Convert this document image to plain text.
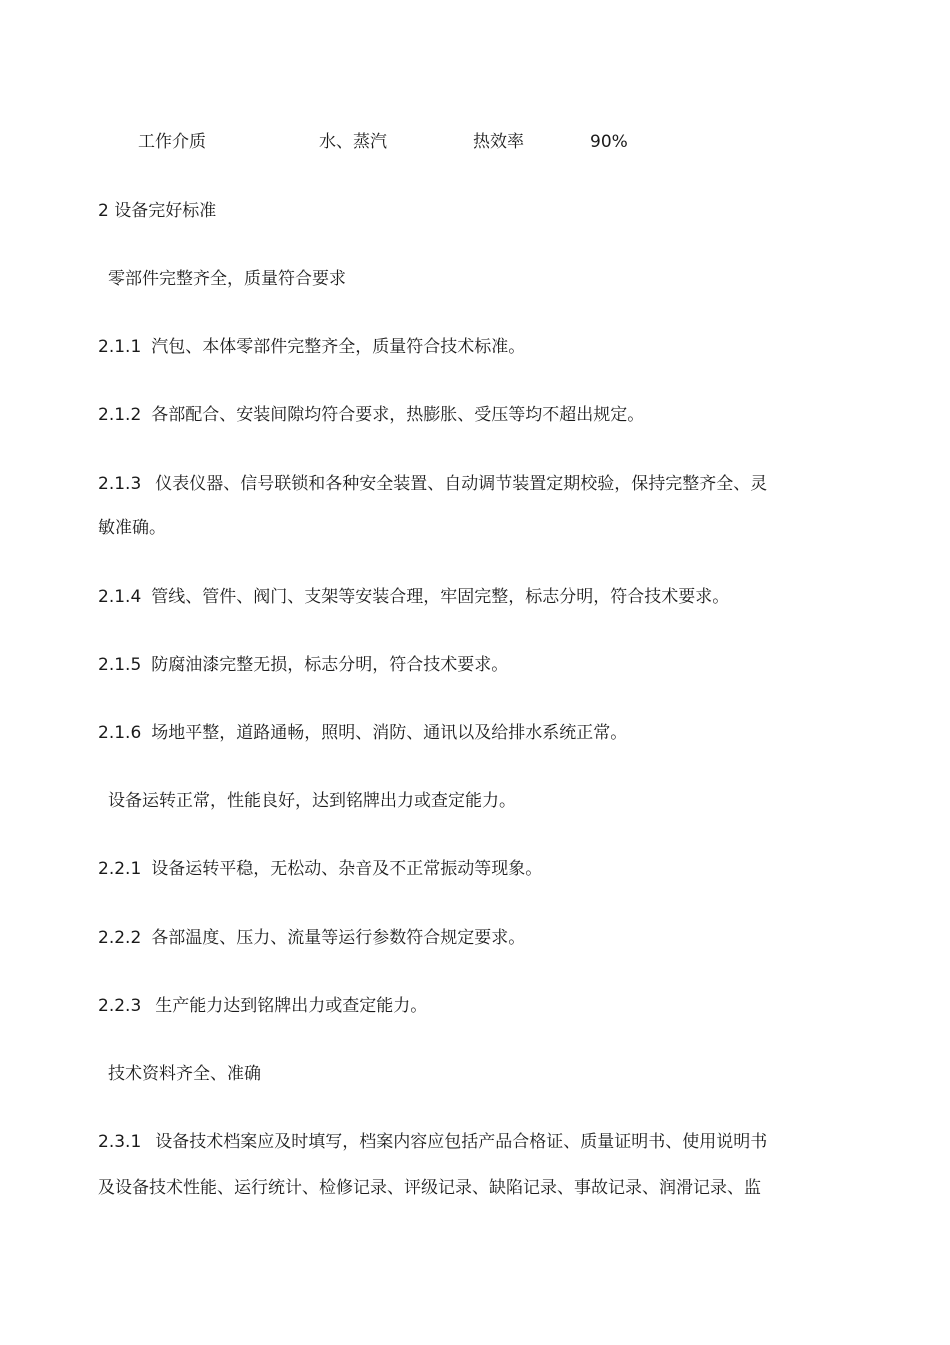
工作介质	水、蒸汽	热效率	90%
2 设备完好标准
零部件完整齐全，质量符合要求
2.1.1 汽包、本体零部件完整齐全，质量符合技术标准。
2.1.2 各部配合、安装间隙均符合要求，热膨胀、受压等均不超出规定。
2.1.3 仪表仪器、信号联锁和各种安全装置、自动调节装置定期校验，保持完整齐全、灵
敏准确。
2.1.4 管线、管件、阀门、支架等安装合理，牢固完整，标志分明，符合技术要求。
2.1.5 防腐油漆完整无损，标志分明，符合技术要求。
2.1.6 场地平整，道路通畅，照明、消防、通讯以及给排水系统正常。
设备运转正常，性能良好，达到铭牌出力或查定能力。
2.2.1 设备运转平稳，无松动、杂音及不正常振动等现象。
2.2.2 各部温度、压力、流量等运行参数符合规定要求。
2.2.3 生产能力达到铭牌出力或查定能力。
技术资料齐全、准确
2.3.1 设备技术档案应及时填写，档案内容应包括产品合格证、质量证明书、使用说明书
及设备技术性能、运行统计、检修记录、评级记录、缺陷记录、事故记录、润滑记录、监
